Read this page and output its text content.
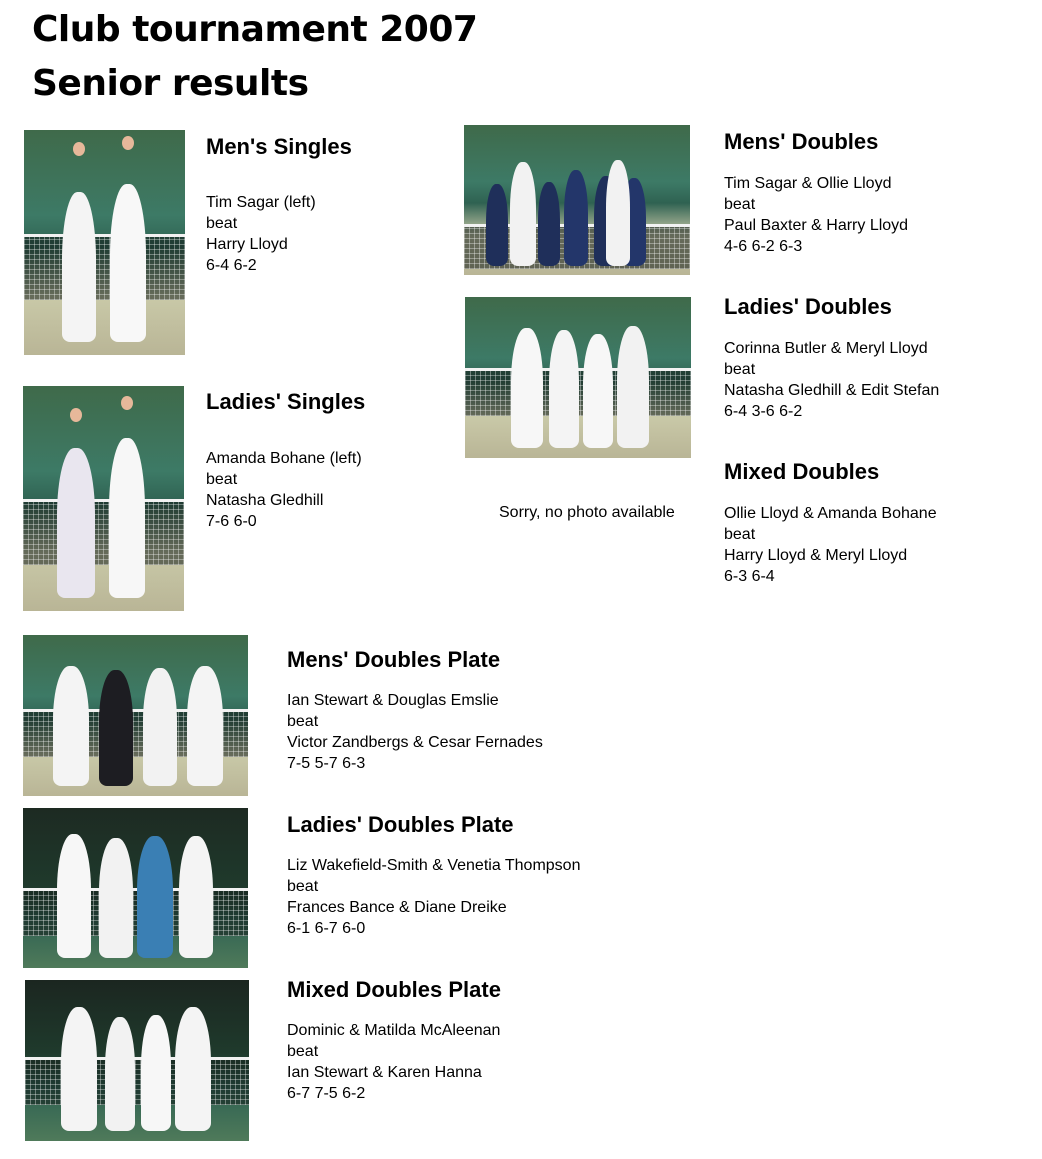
Club tournament 2007
Senior results
Men's Singles
Tim Sagar (left)
beat
Harry Lloyd
6-4 6-2
Ladies' Singles
Amanda Bohane (left)
beat
Natasha Gledhill
7-6 6-0
Mens' Doubles
Tim Sagar & Ollie Lloyd
beat
Paul Baxter & Harry Lloyd
4-6 6-2 6-3
Ladies' Doubles
Corinna Butler & Meryl Lloyd
beat
Natasha Gledhill & Edit Stefan
6-4 3-6 6-2
Sorry, no photo available
Mixed Doubles
Ollie Lloyd & Amanda Bohane
beat
Harry Lloyd & Meryl Lloyd
6-3 6-4
Mens' Doubles Plate
Ian Stewart & Douglas Emslie
beat
Victor Zandbergs & Cesar Fernades
7-5 5-7 6-3
Ladies' Doubles Plate
Liz Wakefield-Smith & Venetia Thompson
beat
Frances Bance & Diane Dreike
6-1 6-7 6-0
Mixed Doubles Plate
Dominic & Matilda McAleenan
beat
Ian Stewart & Karen Hanna
6-7 7-5 6-2
